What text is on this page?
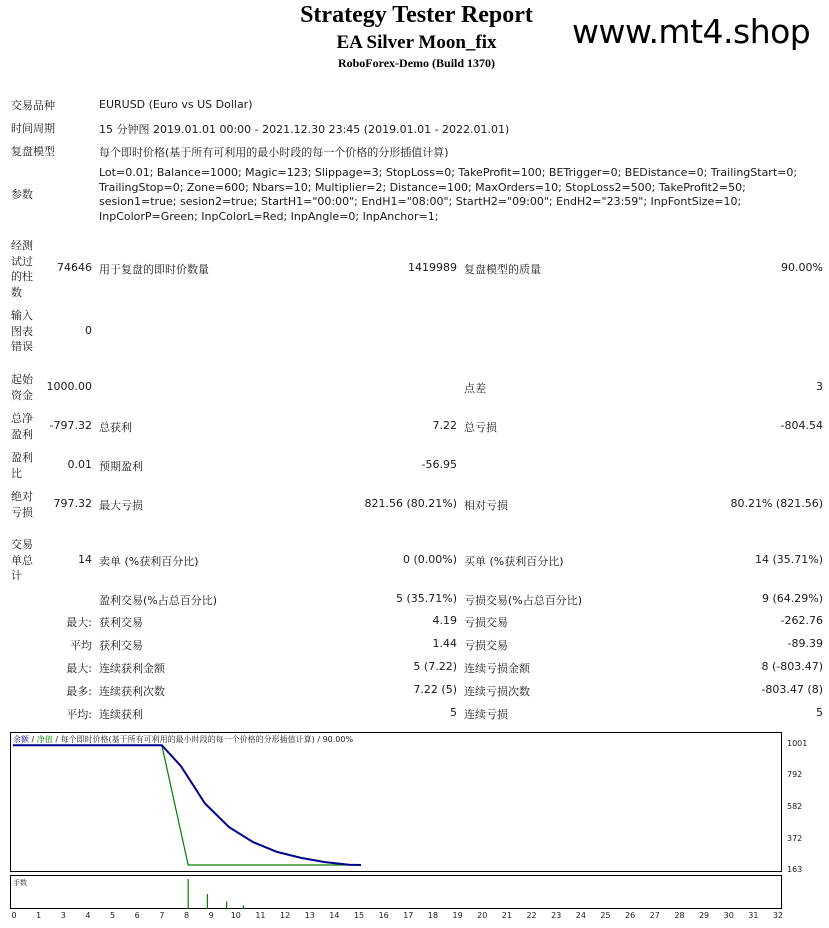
Strategy Tester Report
EA Silver Moon_fix
RoboForex-Demo (Build 1370)
www.mt4.shop
交易品种	EURUSD (Euro vs US Dollar)
时间周期	15 分钟图 2019.01.01 00:00 - 2021.12.30 23:45 (2019.01.01 - 2022.01.01)
复盘模型	每个即时价格(基于所有可利用的最小时段的每一个价格的分形插值计算)
参数
Lot=0.01; Balance=1000; Magic=123; Slippage=3; StopLoss=0; TakeProfit=100; BETrigger=0; BEDistance=0; TrailingStart=0; TrailingStop=0; Zone=600; Nbars=10; Multiplier=2; Distance=100; MaxOrders=10; StopLoss2=500; TakeProfit2=50; sesion1=true; sesion2=true; StartH1="00:00"; EndH1="08:00"; StartH2="09:00"; EndH2="23:59"; InpFontSize=10; InpColorP=Green; InpColorL=Red; InpAngle=0; InpAnchor=1;
经测试过的柱数
74646 用于复盘的即时价数量	1419989 复盘模型的质量	90.00%
输入图表错误
0
起始资金
1000.00	点差	3
总净盈利
-797.32 总获利	7.22 总亏损	-804.54
盈利比
0.01 预期盈利	-56.95
绝对亏损
797.32 最大亏损	821.56 (80.21%) 相对亏损	80.21% (821.56)
交易单总计
14 卖单 (%获利百分比)	0 (0.00%) 买单 (%获利百分比)	14 (35.71%)
盈利交易(%占总百分比)	5 (35.71%) 亏损交易(%占总百分比)	9 (64.29%)
最大: 获利交易	4.19 亏损交易	-262.76
平均 获利交易	1.44 亏损交易	-89.39
最大: 连续获利金额	5 (7.22) 连续亏损金额	8 (-803.47)
最多: 连续获利次数	7.22 (5) 连续亏损次数	-803.47 (8)
平均: 连续获利	5 连续亏损	5
余额 / 净值 / 每个即时价格(基于所有可利用的最小时段的每一个价格的分形插值计算) / 90.00%
手数
1001
792
582
372
163
0	1	3	4	5	6	7	8	9	10	11	12	13	14	15	16	17	18	19	20	21	22	23	24	25	26	27	28	29	30	31	32
